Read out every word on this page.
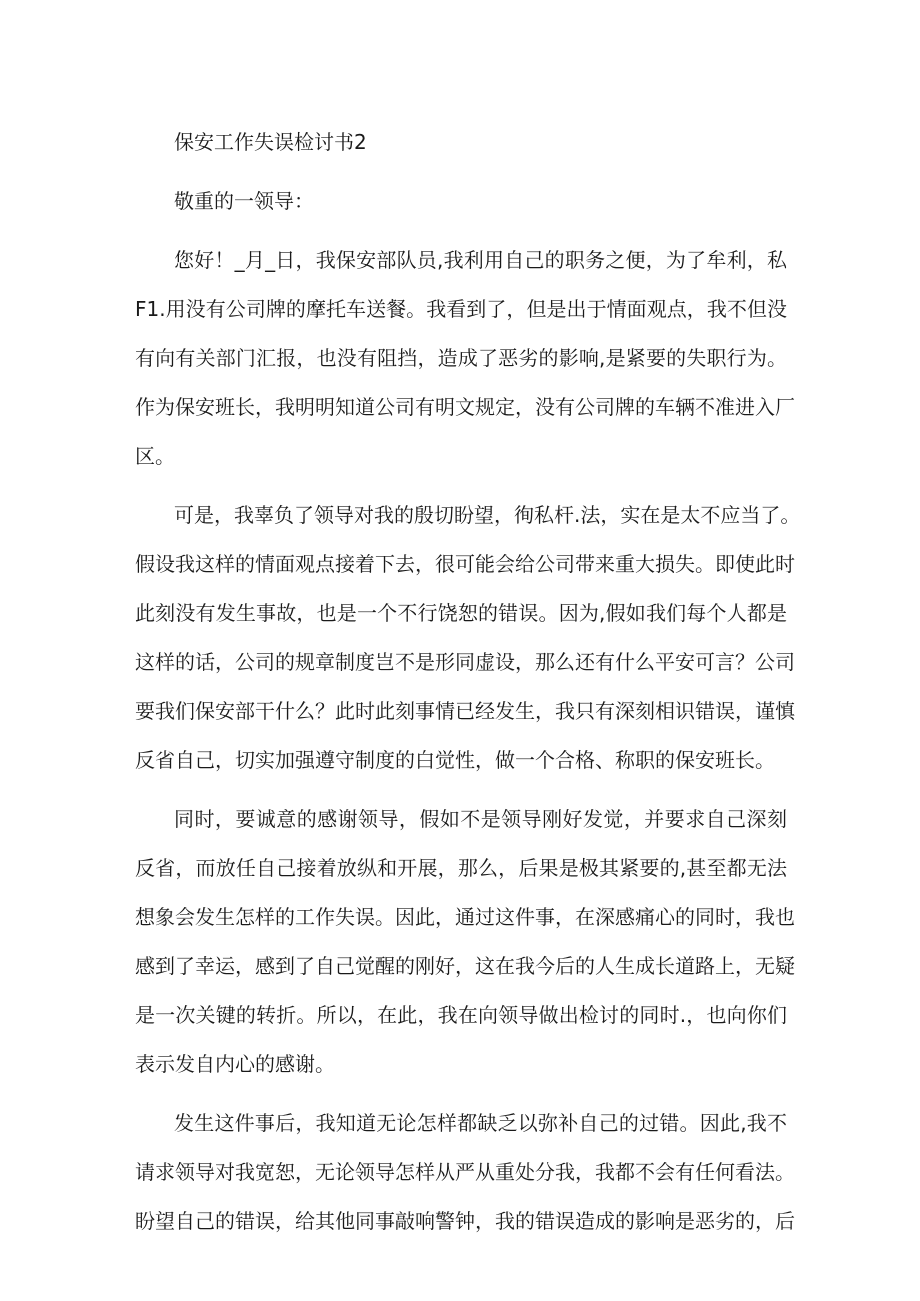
保安工作失误检讨书2
敬重的一领导：
您好！_月_日，我保安部队员,我利用自己的职务之便，为了牟利，私
F1.用没有公司牌的摩托车送餐。我看到了，但是出于情面观点，我不但没
有向有关部门汇报，也没有阻挡，造成了恶劣的影响,是紧要的失职行为。
作为保安班长，我明明知道公司有明文规定，没有公司牌的车辆不准进入厂
区。
可是，我辜负了领导对我的殷切盼望，徇私杆.法，实在是太不应当了。
假设我这样的情面观点接着下去，很可能会给公司带来重大损失。即使此时
此刻没有发生事故，也是一个不行饶恕的错误。因为,假如我们每个人都是
这样的话，公司的规章制度岂不是形同虚设，那么还有什么平安可言？公司
要我们保安部干什么？此时此刻事情已经发生，我只有深刻相识错误，谨慎
反省自己，切实加强遵守制度的白觉性，做一个合格、称职的保安班长。
同时，要诚意的感谢领导，假如不是领导刚好发觉，并要求自己深刻
反省，而放任自己接着放纵和开展，那么，后果是极其紧要的,甚至都无法
想象会发生怎样的工作失误。因此，通过这件事，在深感痛心的同时，我也
感到了幸运，感到了自己觉醒的刚好，这在我今后的人生成长道路上，无疑
是一次关键的转折。所以，在此，我在向领导做出检讨的同时.，也向你们
表示发自内心的感谢。
发生这件事后，我知道无论怎样都缺乏以弥补自己的过错。因此,我不
请求领导对我宽恕，无论领导怎样从严从重处分我，我都不会有任何看法。
盼望自己的错误，给其他同事敲响警钟，我的错误造成的影响是恶劣的，后
